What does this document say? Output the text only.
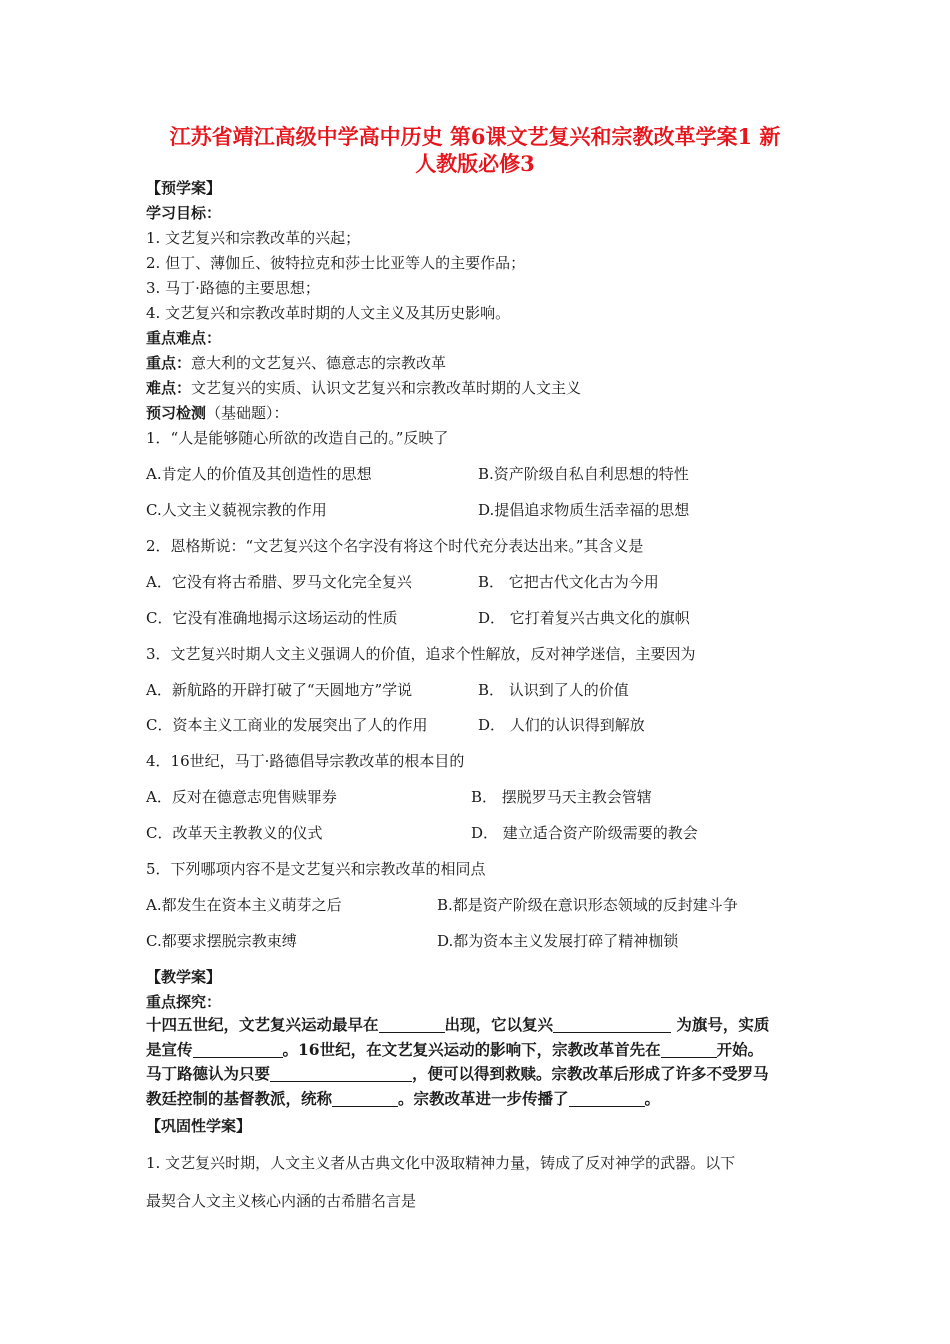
江苏省靖江高级中学高中历史 第6课文艺复兴和宗教改革学案1 新
人教版必修3
【预学案】
学习目标：
1. 文艺复兴和宗教改革的兴起；
2. 但丁、薄伽丘、彼特拉克和莎士比亚等人的主要作品；
3. 马丁·路德的主要思想；
4. 文艺复兴和宗教改革时期的人文主义及其历史影响。
重点难点：
重点：意大利的文艺复兴、德意志的宗教改革
难点：文艺复兴的实质、认识文艺复兴和宗教改革时期的人文主义
预习检测（基础题）：
1．“人是能够随心所欲的改造自己的。”反映了
A.肯定人的价值及其创造性的思想	B.资产阶级自私自利思想的特性
C.人文主义藐视宗教的作用	D.提倡追求物质生活幸福的思想
2．恩格斯说：“文艺复兴这个名字没有将这个时代充分表达出来。”其含义是
A．它没有将古希腊、罗马文化完全复兴	B． 它把古代文化古为今用
C．它没有准确地揭示这场运动的性质	D． 它打着复兴古典文化的旗帜
3．文艺复兴时期人文主义强调人的价值，追求个性解放，反对神学迷信，主要因为
A．新航路的开辟打破了“天圆地方”学说	B． 认识到了人的价值
C．资本主义工商业的发展突出了人的作用	D． 人们的认识得到解放
4．16世纪，马丁·路德倡导宗教改革的根本目的
A．反对在德意志兜售赎罪券	B． 摆脱罗马天主教会管辖
C．改革天主教教义的仪式	D． 建立适合资产阶级需要的教会
5．下列哪项内容不是文艺复兴和宗教改革的相同点
A.都发生在资本主义萌芽之后	B.都是资产阶级在意识形态领域的反封建斗争
C.都要求摆脱宗教束缚	D.都为资本主义发展打碎了精神枷锁
【教学案】
重点探究：
十四五世纪，文艺复兴运动最早在	出现，它以复兴	为旗号，实质
是宣传	。16世纪，在文艺复兴运动的影响下，宗教改革首先在	开始。
马丁路德认为只要	，便可以得到救赎。宗教改革后形成了许多不受罗马
教廷控制的基督教派，统称	。宗教改革进一步传播了	。
【巩固性学案】
1. 文艺复兴时期，人文主义者从古典文化中汲取精神力量，铸成了反对神学的武器。以下
最契合人文主义核心内涵的古希腊名言是
